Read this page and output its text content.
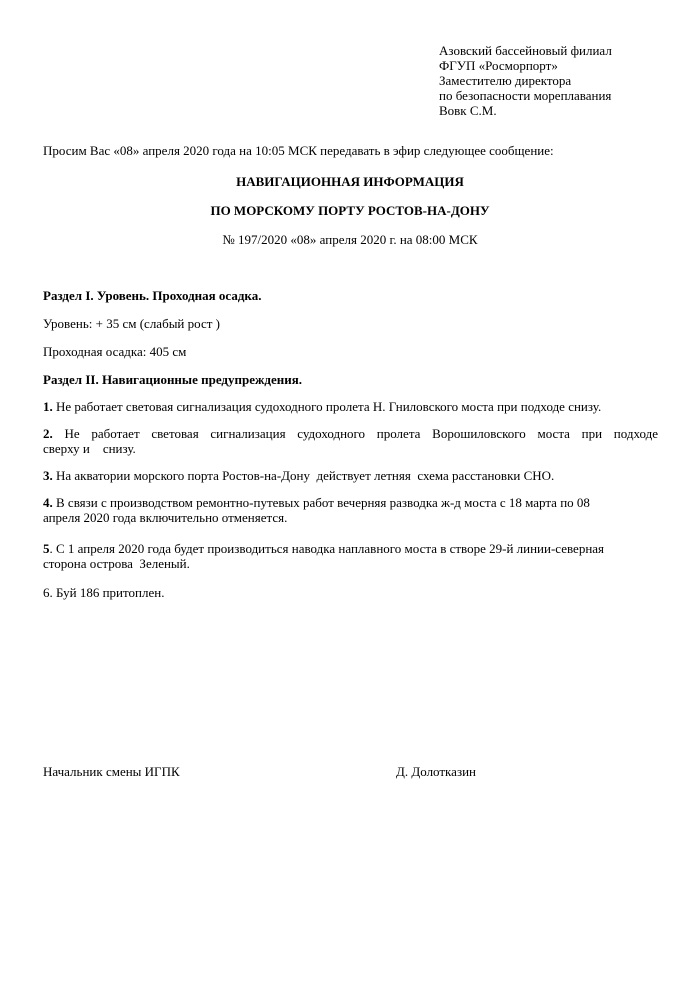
Азовский бассейновый филиал
ФГУП «Росморпорт»
Заместителю директора
по безопасности мореплавания
Вовк С.М.
Просим Вас «08» апреля 2020 года на 10:05 МСК передавать в эфир следующее сообщение:
НАВИГАЦИОННАЯ ИНФОРМАЦИЯ
ПО МОРСКОМУ ПОРТУ РОСТОВ-НА-ДОНУ
№ 197/2020 «08» апреля 2020 г. на 08:00 МСК
Раздел I. Уровень. Проходная осадка.
Уровень: + 35 см (слабый рост )
Проходная осадка: 405 см
Раздел II. Навигационные предупреждения.
1. Не работает световая сигнализация судоходного пролета Н. Гниловского моста при подходе снизу.
2. Не работает световая сигнализация судоходного пролета Ворошиловского моста при подходе
сверху и    снизу.
3. На акватории морского порта Ростов-на-Дону  действует летняя  схема расстановки СНО.
4. В связи с производством ремонтно-путевых работ вечерняя разводка ж-д моста с 18 марта по 08
апреля 2020 года включительно отменяется.
5. С 1 апреля 2020 года будет производиться наводка наплавного моста в створе 29-й линии-северная
сторона острова  Зеленый.
6. Буй 186 притоплен.
Начальник смены ИГПК	Д. Долотказин
